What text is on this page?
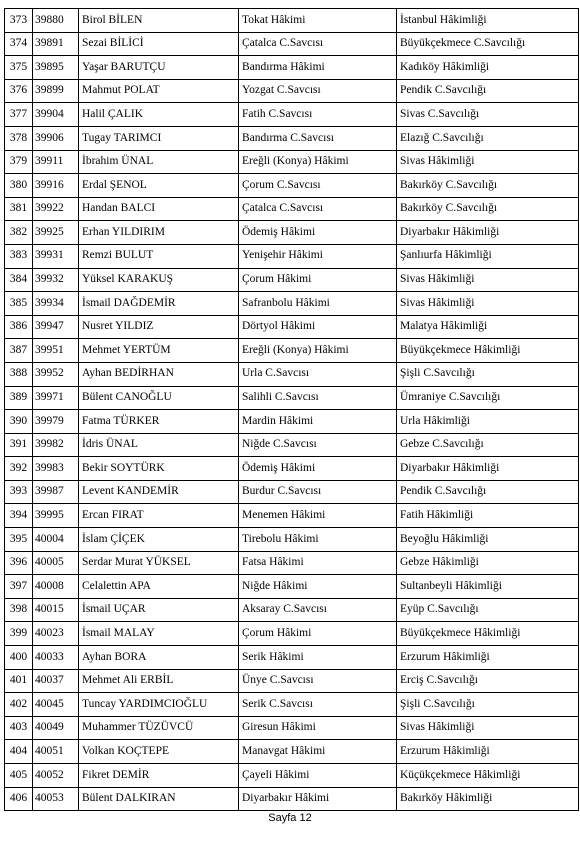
373	39880	Birol BİLEN	Tokat Hâkimi	İstanbul Hâkimliği
374	39891	Sezai BİLİCİ	Çatalca C.Savcısı	Büyükçekmece C.Savcılığı
375	39895	Yaşar BARUTÇU	Bandırma Hâkimi	Kadıköy Hâkimliği
376	39899	Mahmut POLAT	Yozgat C.Savcısı	Pendik C.Savcılığı
377	39904	Halil ÇALIK	Fatih C.Savcısı	Sivas C.Savcılığı
378	39906	Tugay TARIMCI	Bandırma C.Savcısı	Elazığ C.Savcılığı
379	39911	İbrahim ÜNAL	Ereğli (Konya) Hâkimi	Sivas Hâkimliği
380	39916	Erdal ŞENOL	Çorum C.Savcısı	Bakırköy C.Savcılığı
381	39922	Handan BALCI	Çatalca C.Savcısı	Bakırköy C.Savcılığı
382	39925	Erhan YILDIRIM	Ödemiş Hâkimi	Diyarbakır Hâkimliği
383	39931	Remzi BULUT	Yenişehir Hâkimi	Şanlıurfa Hâkimliği
384	39932	Yüksel KARAKUŞ	Çorum Hâkimi	Sivas Hâkimliği
385	39934	İsmail DAĞDEMİR	Safranbolu Hâkimi	Sivas Hâkimliği
386	39947	Nusret YILDIZ	Dörtyol Hâkimi	Malatya Hâkimliği
387	39951	Mehmet YERTÜM	Ereğli (Konya) Hâkimi	Büyükçekmece Hâkimliği
388	39952	Ayhan BEDİRHAN	Urla C.Savcısı	Şişli C.Savcılığı
389	39971	Bülent CANOĞLU	Salihli C.Savcısı	Ümraniye C.Savcılığı
390	39979	Fatma TÜRKER	Mardin Hâkimi	Urla Hâkimliği
391	39982	İdris ÜNAL	Niğde C.Savcısı	Gebze C.Savcılığı
392	39983	Bekir SOYTÜRK	Ödemiş Hâkimi	Diyarbakır Hâkimliği
393	39987	Levent KANDEMİR	Burdur C.Savcısı	Pendik C.Savcılığı
394	39995	Ercan FIRAT	Menemen Hâkimi	Fatih Hâkimliği
395	40004	İslam ÇİÇEK	Tirebolu Hâkimi	Beyoğlu Hâkimliği
396	40005	Serdar Murat YÜKSEL	Fatsa Hâkimi	Gebze Hâkimliği
397	40008	Celalettin APA	Niğde Hâkimi	Sultanbeyli Hâkimliği
398	40015	İsmail UÇAR	Aksaray C.Savcısı	Eyüp C.Savcılığı
399	40023	İsmail MALAY	Çorum Hâkimi	Büyükçekmece Hâkimliği
400	40033	Ayhan BORA	Serik Hâkimi	Erzurum Hâkimliği
401	40037	Mehmet Ali ERBİL	Ünye C.Savcısı	Erciş C.Savcılığı
402	40045	Tuncay YARDIMCIOĞLU	Serik C.Savcısı	Şişli C.Savcılığı
403	40049	Muhammer TÜZÜVCÜ	Giresun Hâkimi	Sivas Hâkimliği
404	40051	Volkan KOÇTEPE	Manavgat Hâkimi	Erzurum Hâkimliği
405	40052	Fikret DEMİR	Çayeli Hâkimi	Küçükçekmece Hâkimliği
406	40053	Bülent DALKIRAN	Diyarbakır Hâkimi	Bakırköy Hâkimliği
Sayfa 12
